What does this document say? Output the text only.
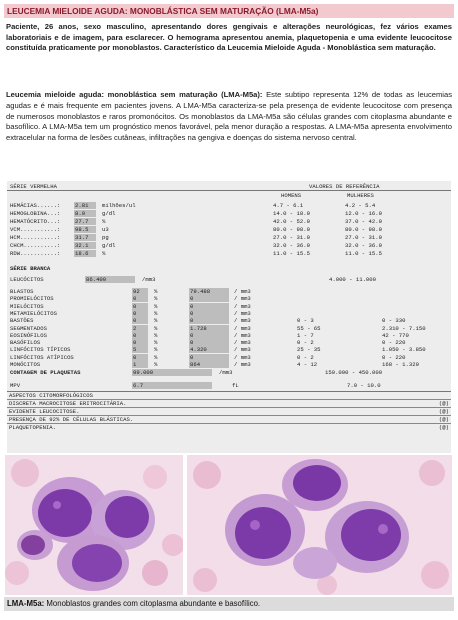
LEUCEMIA MIELOIDE AGUDA: MONOBLÁSTICA SEM MATURAÇÃO (LMA-M5a)
Paciente, 26 anos, sexo masculino, apresentando dores gengivais e alterações neurológicas, fez vários exames laboratoriais e de imagem, para esclarecer. O hemograma apresentou anemia, plaquetopenia e uma evidente leucocitose constituída praticamente por monoblastos. Característico da Leucemia Mieloide Aguda - Monoblástica sem maturação.
Leucemia mieloide aguda: monoblástica sem maturação (LMA-M5a): Este subtipo representa 12% de todas as leucemias agudas e é mais frequente em pacientes jovens. A LMA-M5a caracteriza-se pela presença de evidente leucocitose com presença de numerosos monoblastos e raros promonócitos. Os monoblastos da LMA-M5a são células grandes com citoplasma abundante e basofílico. A LMA-M5a tem um prognóstico menos favorável, pela menor duração a respostas. A LMA-M5a apresenta envolvimento extracelular na forma de lesões cutâneas, infiltrações na gengiva e doenças do sistema nervoso central.
SÉRIE VERMELHA	VALORES DE REFERÊNCIA
HOMENS	MULHERES
HEMÁCIAS......:	2.81	milhões/ul	4.7 - 6.1	4.2 - 5.4
HEMOGLOBINA...:	8.9	g/dl	14.0 - 18.0	12.0 - 16.0
HEMATÓCRITO...:	27.7	%	42.0 - 52.0	37.0 - 42.0
VCM...........:	98.5	u3	80.0 - 98.0	80.0 - 98.0
HCM...........:	31.7	pg	27.0 - 31.0	27.0 - 31.0
CHCM..........:	32.1	g/dl	32.0 - 36.0	32.0 - 36.0
RDW...........:	18.6	%	11.0 - 15.5	11.0 - 15.5
SÉRIE BRANCA
LEUCÓCITOS	86.400	/mm3	4.000 - 11.000
BLASTOS	92	%	79.488	/ mm3
PROMIELÓCITOS	0	%	0	/ mm3
MIELÓCITOS	0	%	0	/ mm3
METAMIELÓCITOS	0	%	0	/ mm3
BASTÕES	0	%	0	/ mm3	0 - 3	0 - 330
SEGMENTADOS	2	%	1.728	/ mm3	55 - 65	2.310 - 7.150
EOSINÓFILOS	0	%	0	/ mm3	1 - 7	42 - 770
BASÓFILOS	0	%	0	/ mm3	0 - 2	0 - 220
LINFÓCITOS TÍPICOS	5	%	4.320	/ mm3	25 - 35	1.050 - 3.850
LINFÓCITOS ATÍPICOS	0	%	0	/ mm3	0 - 2	0 - 220
MONÓCITOS	1	%	864	/ mm3	4 - 12	168 - 1.320
CONTAGEM DE PLAQUETAS	99.000	/mm3	150.000 - 450.000
MPV	6.7	fL	7.0 - 10.0
ASPECTOS CITOMORFOLÓGICOS
DISCRETA MACROCITOSE ERITROCITÁRIA.	(@)
EVIDENTE LEUCOCITOSE.	(@)
PRESENÇA DE 92% DE CÉLULAS BLÁSTICAS.	(@)
PLAQUETOPENIA.	(@)
LMA-M5a: Monoblastos grandes com citoplasma abundante e basofílico.
